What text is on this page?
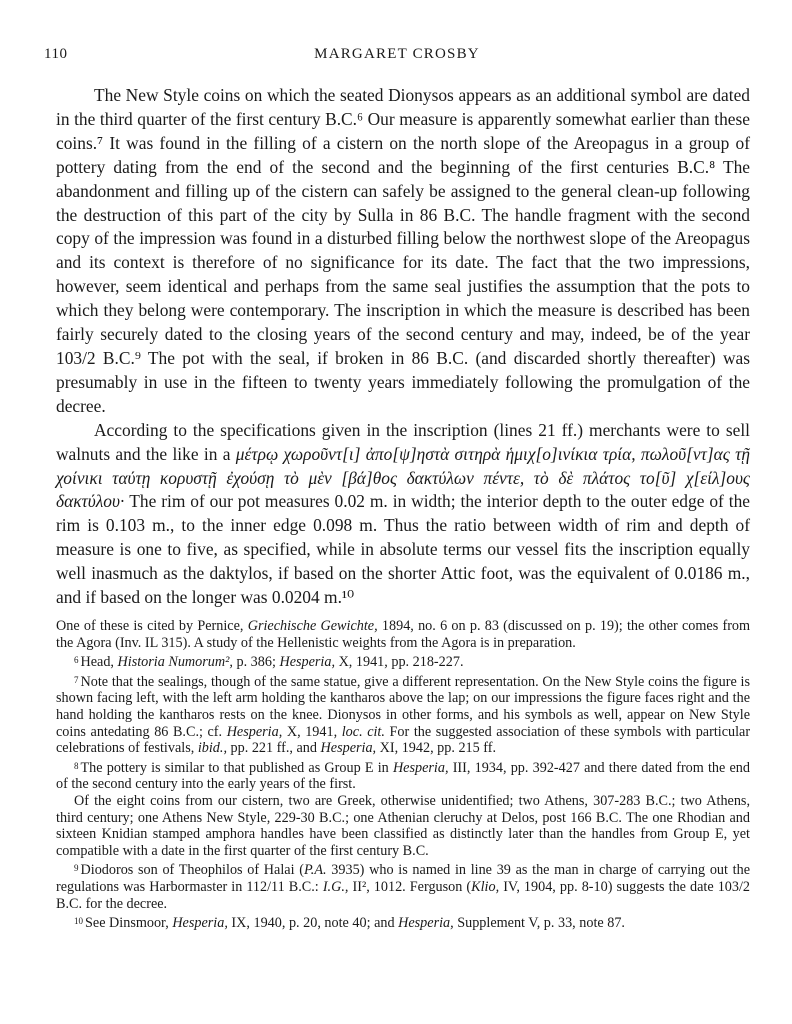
110	MARGARET CROSBY

The New Style coins on which the seated Dionysos appears as an additional symbol are dated in the third quarter of the first century B.C.⁶ Our measure is apparently somewhat earlier than these coins.⁷ It was found in the filling of a cistern on the north slope of the Areopagus in a group of pottery dating from the end of the second and the beginning of the first centuries B.C.⁸ The abandonment and filling up of the cistern can safely be assigned to the general clean-up following the destruction of this part of the city by Sulla in 86 B.C. The handle fragment with the second copy of the impression was found in a disturbed filling below the northwest slope of the Areopagus and its context is therefore of no significance for its date. The fact that the two impressions, however, seem identical and perhaps from the same seal justifies the assumption that the pots to which they belong were contemporary. The inscription in which the measure is described has been fairly securely dated to the closing years of the second century and may, indeed, be of the year 103/2 B.C.⁹ The pot with the seal, if broken in 86 B.C. (and discarded shortly thereafter) was presumably in use in the fifteen to twenty years immediately following the promulgation of the decree.

According to the specifications given in the inscription (lines 21 ff.) merchants were to sell walnuts and the like in a μέτρῳ χωροῦντ[ι] ἀπο[ψ]ηστὰ σιτηρὰ ἡμιχ[ο]ινίκια τρία, πωλοῦ[ντ]ας τῇ χοίνικι ταύτῃ κορυστῇ ἐχούσῃ τὸ μὲν [βά]θος δακτύλων πέντε, τὸ δὲ πλάτος το[ῦ] χ[είλ]ους δακτύλου· The rim of our pot measures 0.02 m. in width; the interior depth to the outer edge of the rim is 0.103 m., to the inner edge 0.098 m. Thus the ratio between width of rim and depth of measure is one to five, as specified, while in absolute terms our vessel fits the inscription equally well inasmuch as the daktylos, if based on the shorter Attic foot, was the equivalent of 0.0186 m., and if based on the longer was 0.0204 m.¹⁰

One of these is cited by Pernice, Griechische Gewichte, 1894, no. 6 on p. 83 (discussed on p. 19); the other comes from the Agora (Inv. IL 315). A study of the Hellenistic weights from the Agora is in preparation.

$^6$ Head, Historia Numorum², p. 386; Hesperia, X, 1941, pp. 218-227.

$^7$ Note that the sealings, though of the same statue, give a different representation. On the New Style coins the figure is shown facing left, with the left arm holding the kantharos above the lap; on our impressions the figure faces right and the hand holding the kantharos rests on the knee. Dionysos in other forms, and his symbols as well, appear on New Style coins antedating 86 B.C.; cf. Hesperia, X, 1941, loc. cit. For the suggested association of these symbols with particular celebrations of festivals, ibid., pp. 221 ff., and Hesperia, XI, 1942, pp. 215 ff.

$^8$ The pottery is similar to that published as Group E in Hesperia, III, 1934, pp. 392-427 and there dated from the end of the second century into the early years of the first.

Of the eight coins from our cistern, two are Greek, otherwise unidentified; two Athens, 307-283 B.C.; two Athens, third century; one Athens New Style, 229-30 B.C.; one Athenian cleruchy at Delos, post 166 B.C. The one Rhodian and sixteen Knidian stamped amphora handles have been classified as distinctly later than the handles from Group E, yet compatible with a date in the first quarter of the first century B.C.

$^9$ Diodoros son of Theophilos of Halai (P.A. 3935) who is named in line 39 as the man in charge of carrying out the regulations was Harbormaster in 112/11 B.C.: I.G., II², 1012. Ferguson (Klio, IV, 1904, pp. 8-10) suggests the date 103/2 B.C. for the decree.

$^{10}$ See Dinsmoor, Hesperia, IX, 1940, p. 20, note 40; and Hesperia, Supplement V, p. 33, note 87.
